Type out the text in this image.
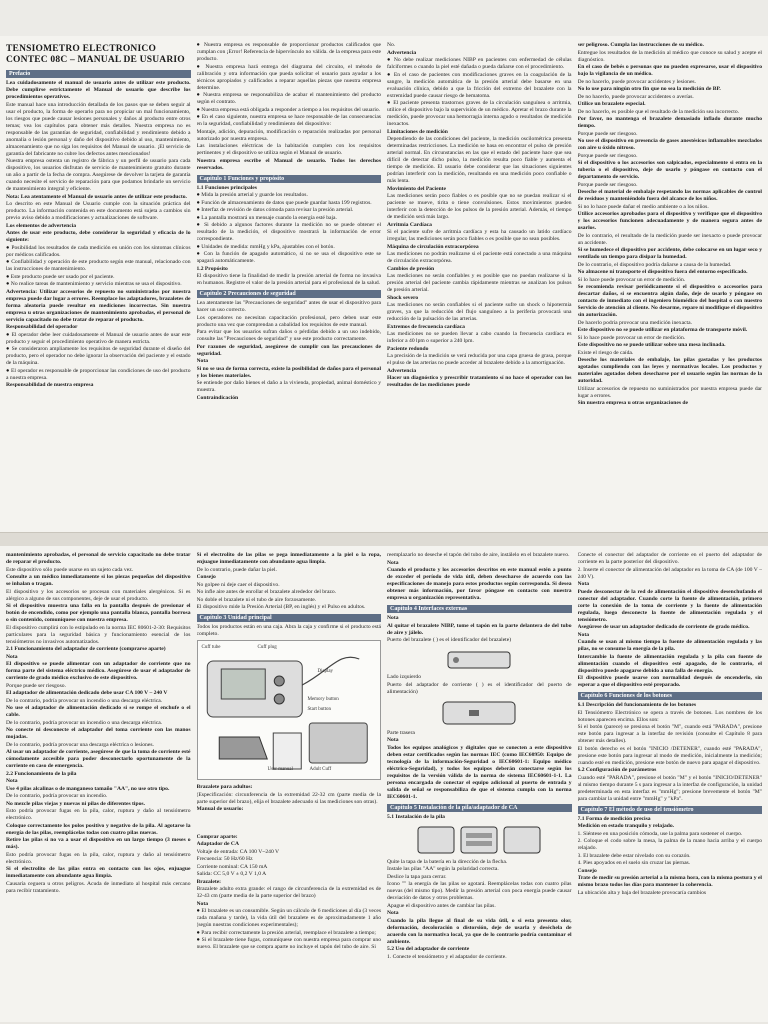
TENSIOMETRO ELECTRONICO
CONTEC 08C – MANUAL DE USUARIO
Prefacio

Lea cuidadosamente el manual de usuario antes de utilizar este producto. Debe cumplirse estrictamente el Manual de usuario que describe los procedimientos operativos.

Este manual hace una introducción detallada de los pasos que se deben seguir al usar el producto, la forma de operarlo para no propiciar un mal funcionamiento, los riesgos que puede causar lesiones personales y daños al producto entre otros temas; vea los capítulos para obtener más detalles. Nuestra empresa no es responsable de las garantías de seguridad, confiabilidad y rendimiento debido a anomalía o lesión personal y daño del dispositivo debido al uso, mantenimiento, almacenamiento que no siga los requisitos del Manual de usuario. ¡El servicio de garantía del fabricante no cubre los defectos antes mencionados!

Nuestra empresa ostenta un registro de fábrica y un perfil de usuario para cada dispositivo, los usuarios disfrutan de servicio de mantenimiento gratuito durante un año a partir de la fecha de compra. Asegúrese de devolver la tarjeta de garantía cuando necesite el servicio de reparación para que podamos brindarle un servicio de mantenimiento integral y eficiente.

Nota: Lea atentamente el Manual de usuario antes de utilizar este producto.

Lo descrito en este Manual de Usuario cumple con la situación práctica del producto. La información contenida en este documento está sujeta a cambios sin previo aviso debido a modificaciones y actualizaciones de software.

Los elementos de advertencia

Antes de usar este producto, debe considerar la seguridad y eficacia de lo siguiente:

● Posibilidad los resultados de cada medición en unión con los síntomas clínicos por médicos calificados.

● Confiabilidad y operación de este producto según este manual, relacionado con las instrucciones de mantenimiento.

● Este producto puede ser usado por el paciente.

● No realice tareas de mantenimiento y servicio mientras se usa el dispositivo.

Advertencia: Utilizar accesorios de repuesto no suministrados por nuestra empresa puede dar lugar a errores. Reemplace los adaptadores, brazaletes de forma aleatoria puede resultar en mediciones incorrectas. Sin nuestra empresa u otras organizaciones de mantenimiento aprobadas, el personal de servicio capacitado no debe tratar de reparar el producto.

Responsabilidad del operador

● El operador debe leer cuidadosamente el Manual de usuario antes de usar este producto y seguir el procedimiento operativo de manera estricta.

● Se consideraron ampliamente los requisitos de seguridad durante el diseño del producto, pero el operador no debe ignorar la observación del paciente y el estado de la máquina.

● El operador es responsable de proporcionar las condiciones de uso del producto a nuestra empresa.

Responsabilidad de nuestra empresa

● Nuestra empresa es responsable de proporcionar productos calificados que cumplan con ¡Error! Referencia de hipervínculo no válida. de la empresa para este producto.

● Nuestra empresa hará entrega del diagrama del circuito, el método de calibración y otra información que pueda solicitar el usuario para ayudar a los técnicos apropiados y calificados a reparar aquellas piezas que nuestra empresa determine.

● Nuestra empresa se responsabiliza de acabar el mantenimiento del producto según el contrato.

● Nuestra empresa está obligada a responder a tiempo a los requisitos del usuario.

● En el caso siguiente, nuestra empresa se hace responsable de las consecuencias en la seguridad, confiabilidad y rendimiento del dispositivo:

Montaje, adición, depuración, modificación o reparación realizadas por personal autorizado por nuestra empresa.

Las instalaciones eléctricas de la habitación cumplen con los requisitos pertinentes y el dispositivo se utiliza según el Manual de usuario.

Nuestra empresa escribe el Manual de usuario. Todos los derechos reservados.

Capítulo 1 Funciones y propósito

1.1 Funciones principales

● Mida la presión arterial y guarde los resultados.

● Función de almacenamiento de datos que puede guardar hasta 199 registros.

● Interfaz de revisión de datos cómoda para revisar la presión arterial.

● La pantalla mostrará un mensaje cuando la energía esté baja.

● Si debido a algunos factores durante la medición no se puede obtener el resultado de la medición, el dispositivo mostrará la información de error correspondiente.

● Unidades de medida: mmHg y kPa, ajustables con el botón.

● Con la función de apagado automático, si no se usa el dispositivo este se apagará automáticamente.

1.2 Propósito

El dispositivo tiene la finalidad de medir la presión arterial de forma no invasiva en humanos. Registre el valor de la presión arterial para el profesional de la salud.

Capítulo 2 Precauciones de seguridad

Lea atentamente las "Precauciones de seguridad" antes de usar el dispositivo para hacer un uso correcto.

Los operadores no necesitan capacitación profesional, pero deben usar este producto una vez que comprendan a cabalidad los requisitos de este manual.

Para evitar que los usuarios sufran daños o pérdidas debido a un uso indebido, consulte las "Precauciones de seguridad" y use este producto correctamente.

Por razones de seguridad, asegúrese de cumplir con las precauciones de seguridad.

Nota

Si no se usa de forma correcta, existe la posibilidad de daños para el personal y los bienes materiales.

Se entiende por daño bienes el daño a la vivienda, propiedad, animal doméstico y muestra.

Contraindicación

No.

Advertencia

● No debe realizar mediciones NIBP en pacientes con enfermedad de células falciformes o cuando la piel esté dañada o pueda dañarse con el procedimiento.

● En el caso de pacientes con modificaciones graves en la coagulación de la sangre, la medición automática de la presión arterial debe basarse en una evaluación clínica, debido a que la fricción del extremo del brazalete con la extremidad puede causar riesgo de hematoma.

● El paciente presenta trastornos graves de la circulación sanguínea o arritmia, utilice el dispositivo bajo la supervisión de un médico. Apretar el brazo durante la medición, puede provocar una hemorragia interna agudo o resultados de medición inexactos.

Limitaciones de medición

Dependiendo de las condiciones del paciente, la medición oscilométrica presenta determinadas restricciones. La medición se basa en encontrar el pulso de presión arterial normal. En circunstancias en las que el estado del paciente hace que sea difícil de detectar dicho pulso, la medición resulta poco fiable y aumenta el tiempo de medición. El usuario debe considerar que las situaciones siguientes podrían interferir con la medición, resultando en una medición poco confiable o más lenta.

Movimiento del Paciente

Las mediciones serán poco fiables o es posible que no se puedan realizar si el paciente se mueve, tirita o tiene convulsiones. Estos movimientos pueden interferir con la detección de los pulsos de la presión arterial. Además, el tiempo de medición será más largo.

Arritmia Cardíaca

Si el paciente sufre de arritmia cardíaca y esta ha causado un latido cardíaco irregular, las mediciones serán poco fiables o es posible que no sean posibles.

Máquina de circulación extracorpórea

Las mediciones no podrán realizarse si el paciente está conectado a una máquina de circulación extracorpórea.

Cambios de presión

Las mediciones no serán confiables y es posible que no puedan realizarse si la presión arterial del paciente cambia rápidamente mientras se analizan los pulsos de presión arterial.

Shock severo

Las mediciones no serán confiables si el paciente sufre un shock o hipotermia graves, ya que la reducción del flujo sanguíneo a la periferia provocará una reducción de la pulsación de las arterias.

Extremos de frecuencia cardíaca

Las mediciones no se pueden llevar a cabo cuando la frecuencia cardíaca es inferior a 40 lpm o superior a 240 lpm.

Paciente redondo

La precisión de la medición se verá reducida por una capa gruesa de grasa, porque el pulso de las arterias no puede acceder al brazalete debido a la amortiguación.

Advertencia

Hacer un diagnóstico y prescribir tratamiento sí no hace el operador con los resultados de las mediciones puede

ser peligroso. Cumpla las instrucciones de su médico.

Entregue los resultados de la medición al médico que conoce su salud y acepte el diagnóstico.

En el caso de bebés o personas que no pueden expresarse, usar el dispositivo bajo la vigilancia de un médico.

De no hacerlo, puede provocar accidentes y lesiones.

No lo use para ningún otro fin que no sea la medición de BP.

De no hacerlo, puede provocar accidentes o averías.

Utilice un brazalete especial.

De no hacerlo, es posible que el resultado de la medición sea incorrecto.

Por favor, no mantenga el brazalete demasiado inflado durante mucho tiempo.

Porque puede ser riesgoso.

No use el dispositivo en presencia de gases anestésicos inflamables mezclados con aire u óxido nitroso.

Porque puede ser riesgoso.

Si el dispositivo o los accesorios son salpicados, especialmente si entra en la tubería o el dispositivo, deje de usarlo y póngase en contacto con el departamento de servicio.

Porque puede ser riesgoso.

Deseche el material de embalaje respetando las normas aplicables de control de residuos y manteniéndolo fuera del alcance de los niños.

Si no lo hace puede dañar el medio ambiente o a los niños.

Utilice accesorios aprobados para el dispositivo y verifique que el dispositivo y los accesorios funcionen adecuadamente y de manera segura antes de usarlos.

De lo contrario, el resultado de la medición puede ser inexacto o puede provocar un accidente.

Si se humedece el dispositivo por accidente, debe colocarse en un lugar seco y ventilado un tiempo para disipar la humedad.

De lo contrario, el dispositivo podría dañarse a causa de la humedad.

No almacene ni transporte el dispositivo fuera del entorno especificado.

Si lo hace puede provocar un error de medición.

Se recomienda revisar periódicamente si el dispositivo o accesorios para descartar daños, si se encuentra algún daño, deje de usarlo y póngase en contacto de inmediato con el ingeniero biomédico del hospital o con nuestro Servicio de atención al cliente. No desarme, repare ni modifique el dispositivo sin autorización.

De hacerlo podría provocar una medición inexacta.

Este dispositivo no se puede utilizar en plataforma de transporte móvil.

Si lo hace puede provocar un error de medición.

Este dispositivo no se puede utilizar sobre una mesa inclinada.

Existe el riesgo de caída.

Deseche los materiales de embalaje, las pilas gastadas y los productos agotados cumpliendo con las leyes y normativas locales. Los productos y materiales agotados deben desecharse por el usuario según las normas de la autoridad.

Utilizar accesorios de repuesto no suministrados por nuestra empresa puede dar lugar a errores.

Sin nuestra empresa u otras organizaciones de

mantenimiento aprobadas, el personal de servicio capacitado no debe tratar de reparar el producto.

Este dispositivo sólo puede usarse en un sujeto cada vez.

Consulte a un médico inmediatamente si los piezas pequeñas del dispositivo se inhalan o tragan.

El dispositivo y los accesorios se procesan con materiales alergénicos. Si es alérgico a alguno de sus componentes, deje de usar el producto.

Si el dispositivo muestra una falla en la pantalla después de presionar el botón de encendido, como por ejemplo una pantalla blanca, pantalla borrosa o sin contenido, comuníquese con nuestra empresa.

El dispositivo cumplirá con lo estipulado en la norma IEC 80601-2-30: Requisitos particulares para la seguridad básica y funcionamiento esencial de los tensiómetros no invasivos automatizados.

2.1 Funcionamiento del adaptador de corriente (comprarse aparte)

Nota

El dispositivo se puede alimentar con un adaptador de corriente que no forma parte del sistema eléctrico médico. Asegúrese de usar el adaptador de corriente de grado médico exclusivo de este dispositivo.

Porque puede ser riesgoso.

El adaptador de alimentación dedicado debe usar CA 100 V – 240 V

De lo contrario, podría provocar un incendio o una descarga eléctrica.

No use el adaptador de alimentación dedicado si se rompe el enchufe o el cable.

De lo contrario, podría provocar un incendio o una descarga eléctrica.

No conecte ni desconecte el adaptador del toma corriente con las manos mojadas.

De lo contrario, podría provocar una descarga eléctrica o lesiones.

Al usar un adaptador de corriente, asegúrese de que la toma de corriente esté cómodamente accesible para poder desconectarlo oportunamente de la corriente en caso de emergencia.

2.2 Funcionamiento de la pila

Nota

Use 4 pilas alcalinas o de manganeso tamaño "AA", no use otro tipo.

De lo contrario, podría provocar un incendio.

No mezcle pilas viejas y nuevas ni pilas de diferentes tipos.

Esto podría provocar fugas en la pila, calor, ruptura y daño al tensiómetro electrónico.

Coloque correctamente los polos positivo y negativo de la pila. Al agotarse la energía de las pilas, reemplácelas todas con cuatro pilas nuevas.

Retire las pilas si no va a usar el dispositivo en un largo tiempo (3 meses o más).

Esto podría provocar fugas en la pila, calor, ruptura y daño al tensiómetro electrónico.

Si el electrolito de las pilas entra en contacto con los ojos, enjuague inmediatamente con abundante agua limpia.

Causaría ceguera u otros peligros. Acuda de inmediato al hospital más cercano para recibir tratamiento.

Si el electrolito de las pilas se pega inmediatamente a la piel o la ropa, enjuague inmediatamente con abundante agua limpia.

De lo contrario, puede dañar la piel.

Consejo

No golpee ni deje caer el dispositivo.

No infle aire antes de enrollar el brazalete alrededor del brazo.

No doble el brazalete ni el tubo de aire forzosamente.

El dispositivo mide la Presión Arterial (BP, en inglés) y el Pulso en adultos.

Capítulo 3 Unidad principal

Todos los productos están en una caja. Abra la caja y confirme si el producto está completo.

Cuff tube	Cuff plug
Display
Memory button
Start button
Adult Cuff
User manual

Brazalete para adultos:

(Especificación: circunferencia de la extremidad 22-32 cm (parte media de la parte superior del brazo), elija el brazalete adecuado si las mediciones son otras).

Manual de usuario:

Comprar aparte:

Adaptador de CA

Voltaje de entrada: CA 100 V~240 V

Frecuencia: 50 Hz/60 Hz

Corriente nominal: CA 150 mA

Salida: CC 5,0 V ± 0,2 V 1,0 A

Brazalete:

Brazalete adulto extra grande: el rango de circunferencia de la extremidad es de 32-43 cm (parte media de la parte superior del brazo)

Nota

● El brazalete es un consumible. Según un cálculo de 6 mediciones al día (3 veces cada mañana y tarde), la vida útil del brazalete es de aproximadamente 1 año (según nuestras condiciones experimentales);

● Para recibir correctamente la presión arterial, reemplace el brazalete a tiempo;

● Si el brazalete tiene fugas, comuníquese con nuestra empresa para comprar uno nuevo. El brazalete que se compra aparte no incluye el tapón del tubo de aire. Si

reemplazarlo no deseche el tapón del tubo de aire, instálelo en el brazalete nuevo.

Nota

Cuando el producto y los accesorios descritos en este manual estén a punto de exceder el período de vida útil, deben desecharse de acuerdo con las especificaciones de manejo para estos productos según corresponda. Si desea obtener más información, por favor póngase en contacto con nuestra empresa u organización representativa.

Capítulo 4 Interfaces externas

Nota

Al quitar el brazalete NIBP, tome el tapón en la parte delantera de del tubo de aire y jálelo.

Puerto del brazalete ( ) es el identificador del brazalete)

Lado izquierdo

Puerto del adaptador de corriente ( ) es el identificador del puerto de alimentación)

Parte trasera

Nota

Todos los equipos analógicos y digitales que se conecten a este dispositivo deben estar certificados según las normas IEC (como IEC60950: Equipo de tecnología de la información-Seguridad o IEC60601-1: Equipo médico eléctrico-Seguridad), y todos los equipos deberán conectarse según los requisitos de la versión válida de la norma de sistema IEC60601-1-1. La persona encargada de conectar el equipo adicional al puerto de entrada y salida de señal se responsabiliza de que el sistema cumpla con la norma IEC60601-1.

Capítulo 5 Instalación de la pila/adaptador de CA

5.1 Instalación de la pila

Quite la tapa de la batería en la dirección de la flecha.

Instale las pilas "AA" según la polaridad correcta.

Deslice la tapa para cerrar.

Icono "" la energía de las pilas se agotará. Reemplácelas todas con cuatro pilas nuevas (del mismo tipo). Medir la presión arterial con poca energía puede causar desviación de datos y otros problemas.

Apague el dispositivo antes de cambiar las pilas.

Nota

Cuando la pila llegue al final de su vida útil, o si esta presenta olor, deformación, decoloración o distorsión, deje de usarla y deséchela de acuerdo con la normativa local, ya que de lo contrario podría contaminar el ambiente.

5.2 Uso del adaptador de corriente

1. Conecte el tensiómetro y el adaptador de corriente.

Conecte el conector del adaptador de corriente en el puerto del adaptador de corriente en la parte posterior del dispositivo.

2. Inserte el conector de alimentación del adaptador en la toma de CA (de 100 V – 240 V).

Nota

Puede desconectar de la red de alimentación el dispositivo desenchufando el conector del adaptador. Cuando corte la fuente de alimentación, primero corte la conexión de la toma de corriente y la fuente de alimentación regulada, luego desconecte la fuente de alimentación regulada y el tensiómetro.

Asegúrese de usar un adaptador dedicado de corriente de grado médico.

Nota

Cuando se usan al mismo tiempo la fuente de alimentación regulada y las pilas, no se consume la energía de la pila.

Intercambie la fuente de alimentación regulada y la pila con fuente de alimentación cuando el dispositivo esté apagado, de lo contrario, el dispositivo puede apagarse debido a una falla de energía.

El dispositivo puede usarse con normalidad después de encenderlo, sin esperar a que el dispositivo esté preparado.

Capítulo 6 Funciones de los botones

6.1 Descripción del funcionamiento de los botones

El Tensiómetro Electrónico se opera a través de botones. Los nombres de los botones aparecen encima. Ellos son:

Si el botón (parece) se presiona el botón "M", cuando está "PARADA", presione este botón para ingresar a la interfaz de revisión (consulte el Capítulo 8 para obtener más detalles).

El botón derecho es el botón "INICIO /DETENER", cuando esté "PARADA", presione este botón para ingresar al modo de medición, inicialmente la medición; cuando esté en medición, presione este botón de nuevo para apagar el dispositivo.

6.2 Configuración de parámetros

Cuando esté "PARADA", presione el botón "M" y el botón "INICIO/DETENER" al mismo tiempo durante 5 s para ingresar a la interfaz de configuración, la unidad predeterminada en esta interfaz es "mmHg"; presione brevemente el botón "M" para cambiar la unidad entre "mmHg" y "kPa".

Capítulo 7 El método de uso del tensiómetro

7.1 Forma de medición precisa

Medición en estado tranquilo y relajado.

1. Siéntese en una posición cómoda, use la palma para sostener el cuerpo.

2. Coloque el codo sobre la mesa, la palma de la mano hacia arriba y el cuerpo relajado.

3. El brazalete debe estar nivelado con su corazón.

4. Pies apoyados en el suelo sin cruzar las piernas.

Consejo

Trate de medir su presión arterial a la misma hora, con la misma postura y el mismo brazo todos los días para mantener la coherencia.

La ubicación alta y baja del brazalete provocaría cambios
